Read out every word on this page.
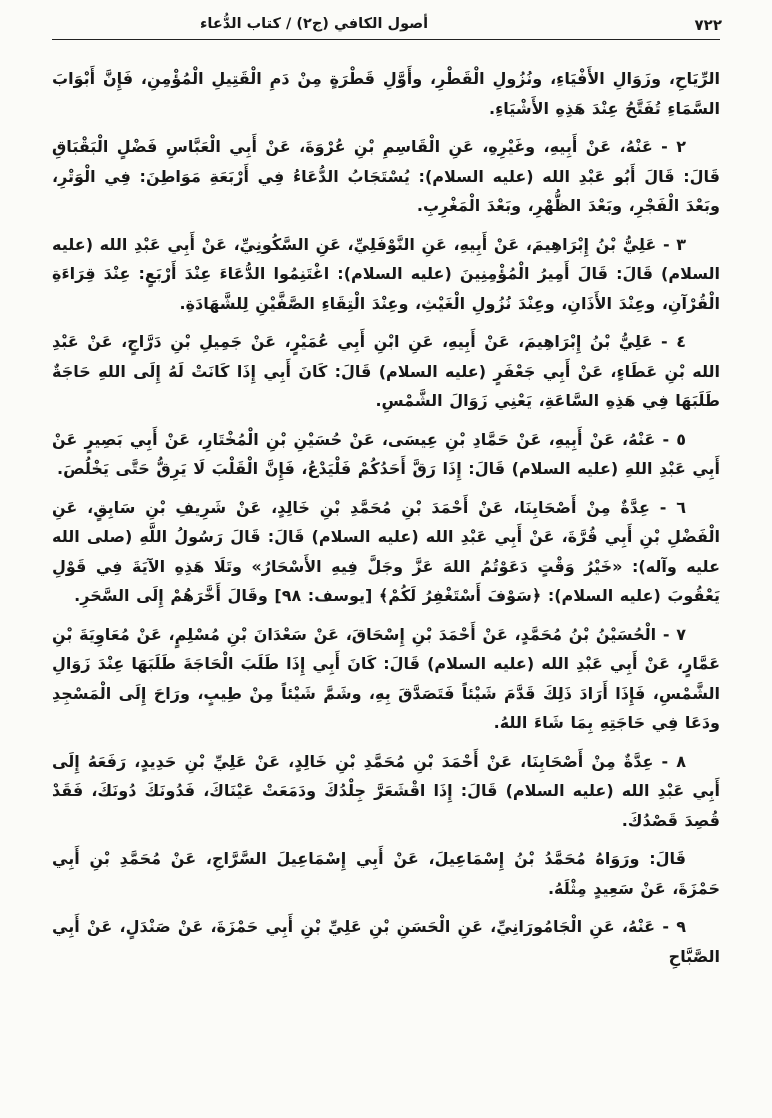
أصول الكافي (ج٢) / كتاب الدُّعاء	٧٢٢

الرِّيَاحِ، وزَوَالِ الأَفْيَاءِ، ونُزُولِ الْقَطْرِ، وأَوَّلِ قَطْرَةٍ مِنْ دَمِ الْقَتِيلِ الْمُؤْمِنِ، فَإِنَّ أَبْوَابَ السَّمَاءِ تُفَتَّحُ عِنْدَ هَذِهِ الأَشْيَاءِ.

٢ - عَنْهُ، عَنْ أَبِيهِ، وغَيْرِهِ، عَنِ الْقَاسِمِ بْنِ عُرْوَةَ، عَنْ أَبِي الْعَبَّاسِ فَضْلٍ الْبَقْبَاقِ قَالَ: قَالَ أَبُو عَبْدِ الله (عليه السلام): يُسْتَجَابُ الدُّعَاءُ فِي أَرْبَعَةِ مَوَاطِنَ: فِي الْوَتْرِ، وبَعْدَ الْفَجْرِ، وبَعْدَ الظُّهْرِ، وبَعْدَ الْمَغْرِبِ.

٣ - عَلِيُّ بْنُ إِبْرَاهِيمَ، عَنْ أَبِيهِ، عَنِ النَّوْفَلِيِّ، عَنِ السَّكُونِيِّ، عَنْ أَبِي عَبْدِ الله (عليه السلام) قَالَ: قَالَ أَمِيرُ الْمُؤْمِنِينَ (عليه السلام): اغْتَنِمُوا الدُّعَاءَ عِنْدَ أَرْبَعٍ: عِنْدَ قِرَاءَةِ الْقُرْآنِ، وعِنْدَ الأَذَانِ، وعِنْدَ نُزُولِ الْغَيْثِ، وعِنْدَ الْتِقَاءِ الصَّفَّيْنِ لِلشَّهَادَةِ.

٤ - عَلِيُّ بْنُ إِبْرَاهِيمَ، عَنْ أَبِيهِ، عَنِ ابْنِ أَبِي عُمَيْرٍ، عَنْ جَمِيلِ بْنِ دَرَّاجٍ، عَنْ عَبْدِ الله بْنِ عَطَاءٍ، عَنْ أَبِي جَعْفَرٍ (عليه السلام) قَالَ: كَانَ أَبِي إِذَا كَانَتْ لَهُ إِلَى اللهِ حَاجَةٌ طَلَبَهَا فِي هَذِهِ السَّاعَةِ، يَعْنِي زَوَالَ الشَّمْسِ.

٥ - عَنْهُ، عَنْ أَبِيهِ، عَنْ حَمَّادِ بْنِ عِيسَى، عَنْ حُسَيْنِ بْنِ الْمُخْتَارِ، عَنْ أَبِي بَصِيرٍ عَنْ أَبِي عَبْدِ اللهِ (عليه السلام) قَالَ: إِذَا رَقَّ أَحَدُكُمْ فَلْيَدْعُ، فَإِنَّ الْقَلْبَ لَا يَرِقُّ حَتَّى يَخْلُصَ.

٦ - عِدَّةٌ مِنْ أَصْحَابِنَا، عَنْ أَحْمَدَ بْنِ مُحَمَّدِ بْنِ خَالِدٍ، عَنْ شَرِيفِ بْنِ سَابِقٍ، عَنِ الْفَضْلِ بْنِ أَبِي قُرَّةَ، عَنْ أَبِي عَبْدِ الله (عليه السلام) قَالَ: قَالَ رَسُولُ اللَّهِ (صلى الله عليه وآله): «خَيْرُ وَقْتٍ دَعَوْتُمُ اللهَ عَزَّ وجَلَّ فِيهِ الأَسْحَارُ» وتَلَا هَذِهِ الآيَةَ فِي قَوْلِ يَعْقُوبَ (عليه السلام): ﴿سَوْفَ أَسْتَغْفِرُ لَكُمْ﴾ [يوسف: ٩٨] وقَالَ أَخَّرَهُمْ إِلَى السَّحَرِ.

٧ - الْحُسَيْنُ بْنُ مُحَمَّدٍ، عَنْ أَحْمَدَ بْنِ إِسْحَاقَ، عَنْ سَعْدَانَ بْنِ مُسْلِمٍ، عَنْ مُعَاوِيَةَ بْنِ عَمَّارٍ، عَنْ أَبِي عَبْدِ الله (عليه السلام) قَالَ: كَانَ أَبِي إِذَا طَلَبَ الْحَاجَةَ طَلَبَهَا عِنْدَ زَوَالِ الشَّمْسِ، فَإِذَا أَرَادَ ذَلِكَ قَدَّمَ شَيْئاً فَتَصَدَّقَ بِهِ، وشَمَّ شَيْئاً مِنْ طِيبٍ، ورَاحَ إِلَى الْمَسْجِدِ ودَعَا فِي حَاجَتِهِ بِمَا شَاءَ اللهُ.

٨ - عِدَّةٌ مِنْ أَصْحَابِنَا، عَنْ أَحْمَدَ بْنِ مُحَمَّدِ بْنِ خَالِدٍ، عَنْ عَلِيِّ بْنِ حَدِيدٍ، رَفَعَهُ إِلَى أَبِي عَبْدِ الله (عليه السلام) قَالَ: إِذَا اقْشَعَرَّ جِلْدُكَ ودَمَعَتْ عَيْنَاكَ، فَدُونَكَ دُونَكَ، فَقَدْ قُصِدَ قَصْدُكَ.

قَالَ: ورَوَاهُ مُحَمَّدُ بْنُ إِسْمَاعِيلَ، عَنْ أَبِي إِسْمَاعِيلَ السَّرَّاجِ، عَنْ مُحَمَّدِ بْنِ أَبِي حَمْزَةَ، عَنْ سَعِيدٍ مِثْلَهُ.

٩ - عَنْهُ، عَنِ الْجَامُورَانِيِّ، عَنِ الْحَسَنِ بْنِ عَلِيِّ بْنِ أَبِي حَمْزَةَ، عَنْ صَنْدَلٍ، عَنْ أَبِي الصَّبَّاحِ
